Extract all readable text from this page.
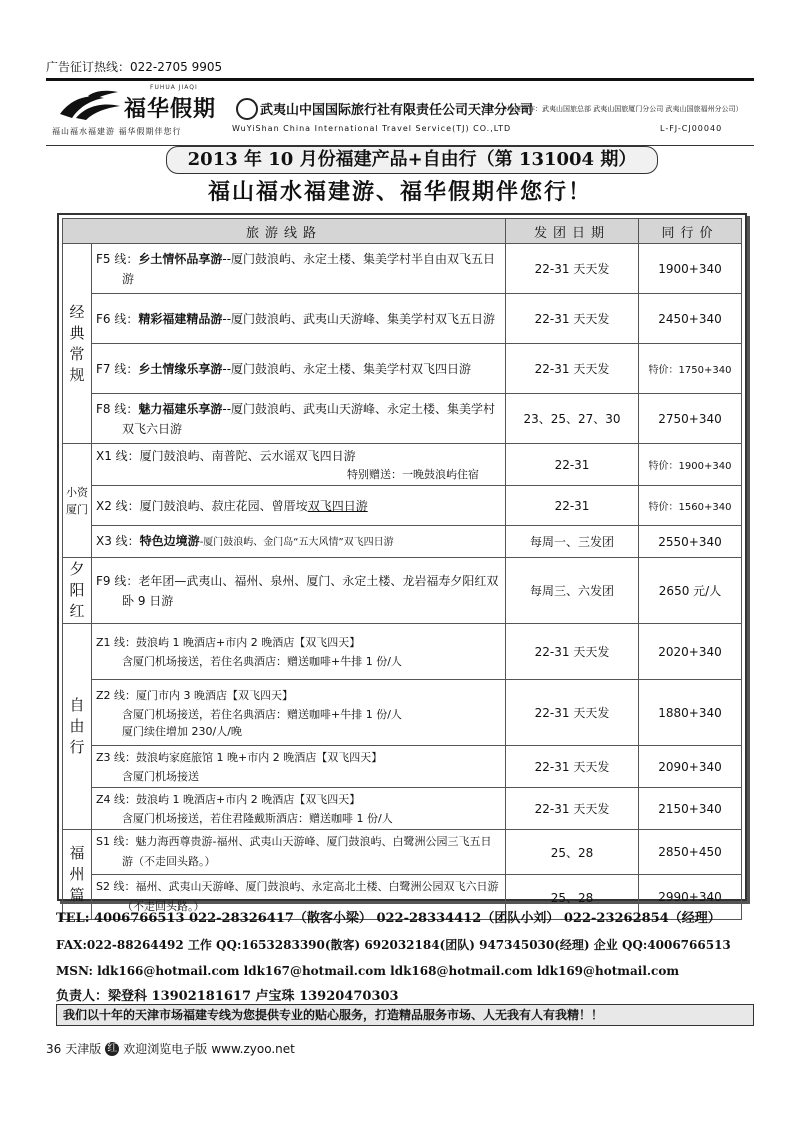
广告征订热线：022-2705 9905
FUHUA JIAQI
福华假期
福山福水福建游 福华假期伴您行
武夷山中国国际旅行社有限责任公司天津分公司
（地接操作：武夷山国旅总部 武夷山国旅厦门分公司 武夷山国旅福州分公司）
WuYiShan China International Travel Service(TJ) CO.,LTD	L-FJ-CJ00040
2013 年 10 月份福建产品+自由行（第 131004 期）
福山福水福建游、福华假期伴您行！
旅游线路		发团日期	同行价
经典常规	F5 线：乡土情怀品享游--厦门鼓浪屿、永定土楼、集美学村半自由双飞五日游	22-31 天天发	1900+340
	F6 线：精彩福建精品游--厦门鼓浪屿、武夷山天游峰、集美学村双飞五日游	22-31 天天发	2450+340
	F7 线：乡土情缘乐享游--厦门鼓浪屿、永定土楼、集美学村双飞四日游	22-31 天天发	特价：1750+340
	F8 线：魅力福建乐享游--厦门鼓浪屿、武夷山天游峰、永定土楼、集美学村双飞六日游	23、25、27、30	2750+340
小资厦门	X1 线：厦门鼓浪屿、南普陀、云水谣双飞四日游
特别赠送：一晚鼓浪屿住宿	22-31	特价：1900+340
	X2 线：厦门鼓浪屿、菽庄花园、曾厝垵双飞四日游	22-31	特价：1560+340
	X3 线：特色边境游-厦门鼓浪屿、金门岛“五大风情”双飞四日游	每周一、三发团	2550+340
夕阳红	F9 线：老年团—武夷山、福州、泉州、厦门、永定土楼、龙岩福寿夕阳红双卧 9 日游	每周三、六发团	2650 元/人
自由行	Z1 线：鼓浪屿 1 晚酒店+市内 2 晚酒店【双飞四天】
含厦门机场接送，若住名典酒店：赠送咖啡+牛排 1 份/人	22-31 天天发	2020+340
	Z2 线：厦门市内 3 晚酒店【双飞四天】
含厦门机场接送，若住名典酒店：赠送咖啡+牛排 1 份/人
厦门续住增加 230/人/晚	22-31 天天发	1880+340
	Z3 线：鼓浪屿家庭旅馆 1 晚+市内 2 晚酒店【双飞四天】
含厦门机场接送	22-31 天天发	2090+340
	Z4 线：鼓浪屿 1 晚酒店+市内 2 晚酒店【双飞四天】
含厦门机场接送，若住君隆戴斯酒店：赠送咖啡 1 份/人	22-31 天天发	2150+340
福州篇	S1 线：魅力海西尊贵游-福州、武夷山天游峰、厦门鼓浪屿、白鹭洲公园三飞五日游（不走回头路。）	25、28	2850+450
	S2 线：福州、武夷山天游峰、厦门鼓浪屿、永定高北土楼、白鹭洲公园双飞六日游（不走回头路。）	25、28	2990+340
TEL: 4006766513 022-28326417（散客小梁） 022-28334412（团队小刘） 022-23262854（经理）
FAX:022-88264492 工作 QQ:1653283390(散客) 692032184(团队) 947345030(经理) 企业 QQ:4006766513
MSN: ldk166@hotmail.com ldk167@hotmail.com ldk168@hotmail.com ldk169@hotmail.com
负责人：梁登科 13902181617 卢宝珠 13920470303
我们以十年的天津市场福建专线为您提供专业的贴心服务，打造精品服务市场、人无我有人有我精！！
36 天津版 红 欢迎浏览电子版 www.zyoo.net
